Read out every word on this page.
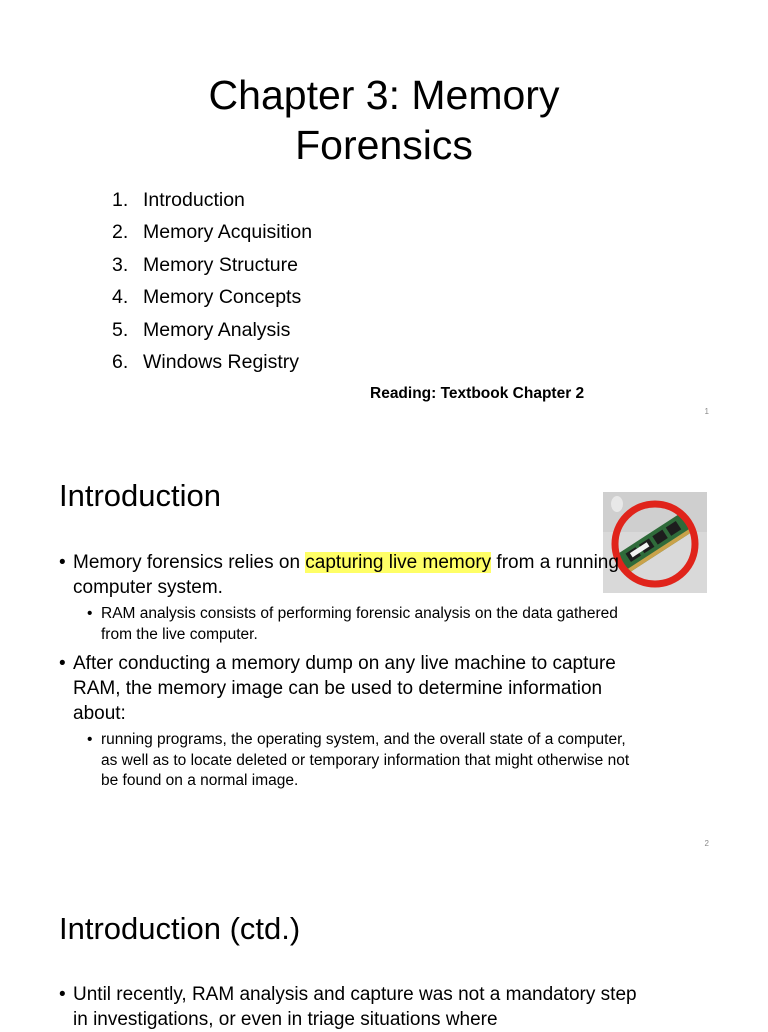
Chapter 3: Memory
Forensics
1. Introduction
2. Memory Acquisition
3. Memory Structure
4. Memory Concepts
5. Memory Analysis
6. Windows Registry
Reading: Textbook Chapter 2
1
Introduction
• Memory forensics relies on capturing live memory from a running computer system.
• RAM analysis consists of performing forensic analysis on the data gathered from the live computer.
• After conducting a memory dump on any live machine to capture RAM, the memory image can be used to determine information about:
• running programs, the operating system, and the overall state of a computer, as well as to locate deleted or temporary information that might otherwise not be found on a normal image.
2
Introduction (ctd.)
• Until recently, RAM analysis and capture was not a mandatory step in investigations, or even in triage situations where
